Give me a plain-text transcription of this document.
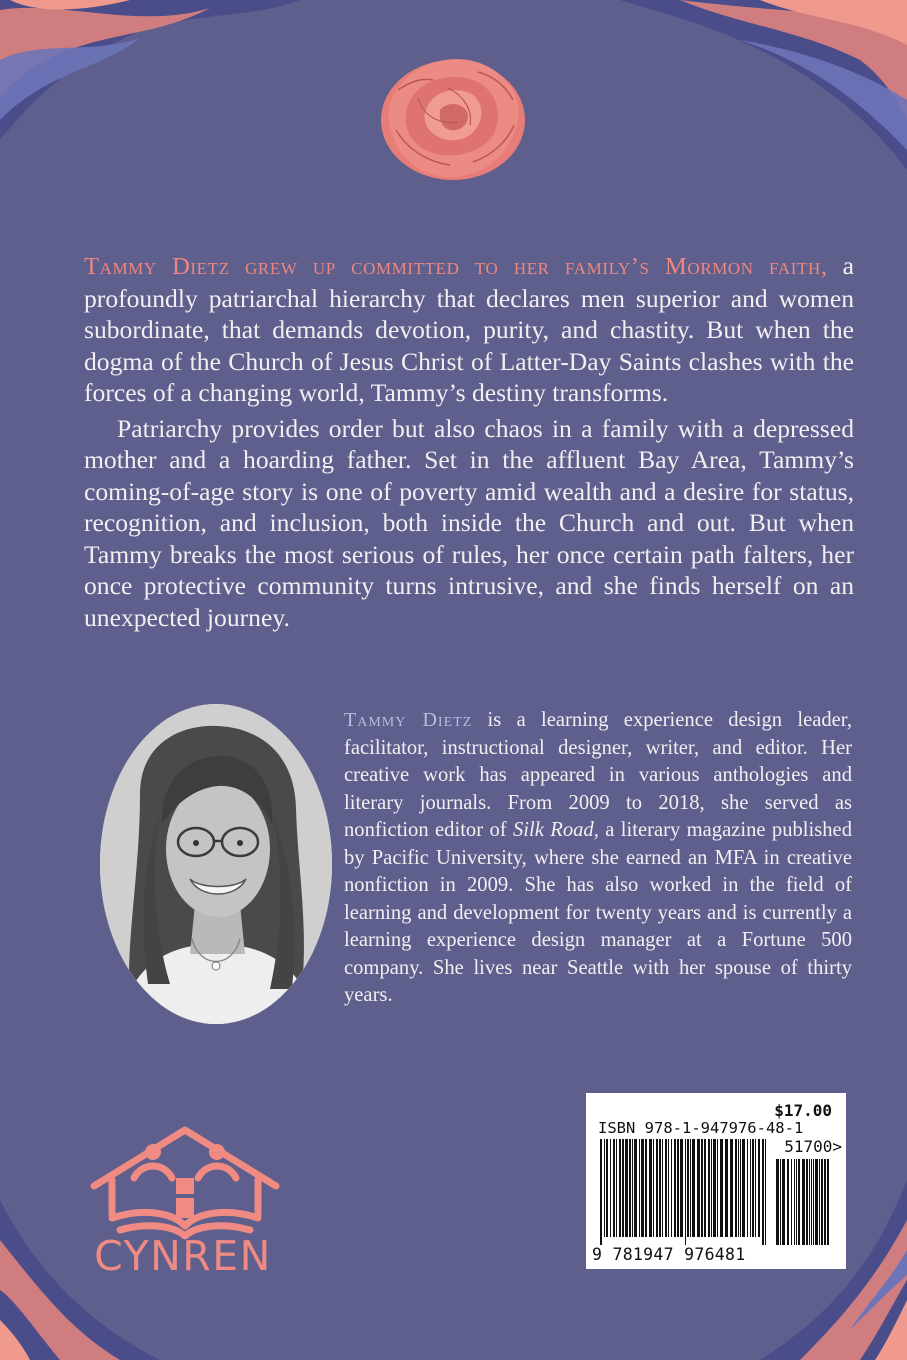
Tammy Dietz grew up committed to her family’s Mormon faith, a profoundly patriarchal hierarchy that declares men superior and women subordinate, that demands devotion, purity, and chastity. But when the dogma of the Church of Jesus Christ of Latter-Day Saints clashes with the forces of a changing world, Tammy’s destiny transforms.

Patriarchy provides order but also chaos in a family with a depressed mother and a hoarding father. Set in the affluent Bay Area, Tammy’s coming-of-age story is one of poverty amid wealth and a desire for status, recognition, and inclusion, both inside the Church and out. But when Tammy breaks the most serious of rules, her once certain path falters, her once protective community turns intrusive, and she finds herself on an unexpected journey.

Tammy Dietz is a learning experience design leader, facilitator, instructional designer, writer, and editor. Her creative work has appeared in various anthologies and literary journals. From 2009 to 2018, she served as nonfiction editor of Silk Road, a literary magazine published by Pacific University, where she earned an MFA in creative nonfiction in 2009. She has also worked in the field of learning and development for twenty years and is currently a learning experience design manager at a Fortune 500 company. She lives near Seattle with her spouse of thirty years.
CYNREN
$17.00
ISBN 978-1-947976-48-1
51700>
9 781947 976481
